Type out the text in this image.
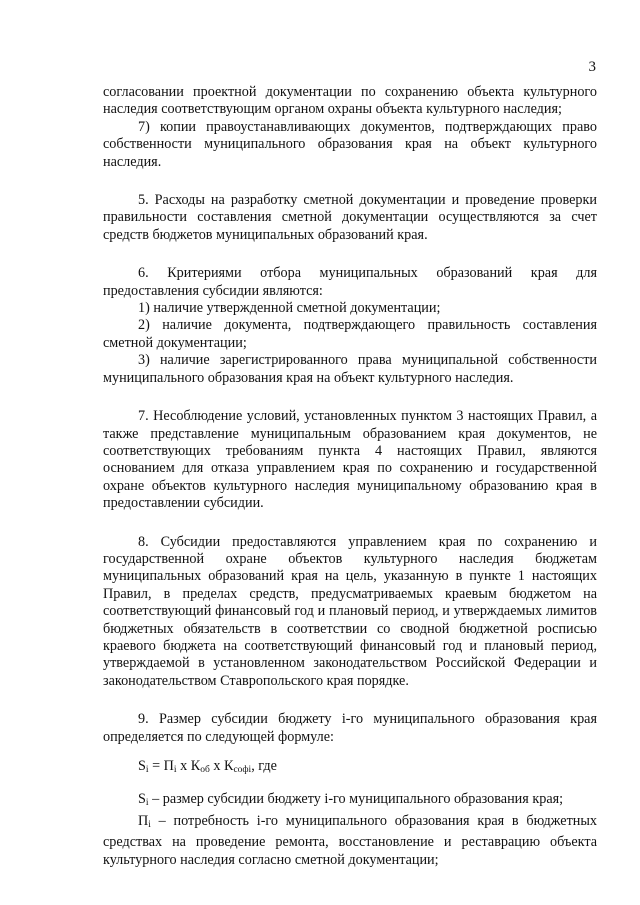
3

согласовании проектной документации по сохранению объекта культурного наследия соответствующим органом охраны объекта культурного наследия;

7) копии правоустанавливающих документов, подтверждающих право собственности муниципального образования края на объект культурного наследия.

5. Расходы на разработку сметной документации и проведение проверки правильности составления сметной документации осуществляются за счет средств бюджетов муниципальных образований края.

6. Критериями отбора муниципальных образований края для предоставления субсидии являются:

1) наличие утвержденной сметной документации;

2) наличие документа, подтверждающего правильность составления сметной документации;

3) наличие зарегистрированного права муниципальной собственности муниципального образования края на объект культурного наследия.

7. Несоблюдение условий, установленных пунктом 3 настоящих Правил, а также представление муниципальным образованием края документов, не соответствующих требованиям пункта 4 настоящих Правил, являются основанием для отказа управлением края по сохранению и государственной охране объектов культурного наследия муниципальному образованию края в предоставлении субсидии.

8. Субсидии предоставляются управлением края по сохранению и государственной охране объектов культурного наследия бюджетам муниципальных образований края на цель, указанную в пункте 1 настоящих Правил, в пределах средств, предусматриваемых краевым бюджетом на соответствующий финансовый год и плановый период, и утверждаемых лимитов бюджетных обязательств в соответствии со сводной бюджетной росписью краевого бюджета на соответствующий финансовый год и плановый период, утверждаемой в установленном законодательством Российской Федерации и законодательством Ставропольского края порядке.

9. Размер субсидии бюджету i-го муниципального образования края определяется по следующей формуле:

$S_i = П_i$ х $К_{об}$ х $К_{софi}$, где

$S_i$ – размер субсидии бюджету i-го муниципального образования края;

$П_i$ – потребность i-го муниципального образования края в бюджетных средствах на проведение ремонта, восстановление и реставрацию объекта культурного наследия согласно сметной документации;
